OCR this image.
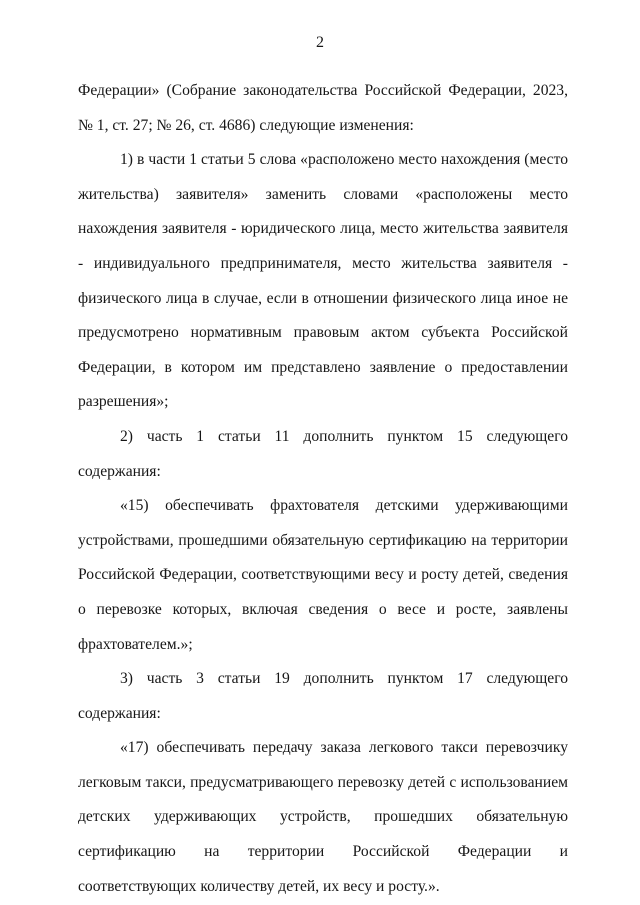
2

Федерации» (Собрание законодательства Российской Федерации, 2023, № 1, ст. 27; № 26, ст. 4686) следующие изменения:

1) в части 1 статьи 5 слова «расположено место нахождения (место жительства) заявителя» заменить словами «расположены место нахождения заявителя - юридического лица, место жительства заявителя - индивидуального предпринимателя, место жительства заявителя - физического лица в случае, если в отношении физического лица иное не предусмотрено нормативным правовым актом субъекта Российской Федерации, в котором им представлено заявление о предоставлении разрешения»;

2) часть 1 статьи 11 дополнить пунктом 15 следующего содержания:

«15) обеспечивать фрахтователя детскими удерживающими устройствами, прошедшими обязательную сертификацию на территории Российской Федерации, соответствующими весу и росту детей, сведения о перевозке которых, включая сведения о весе и росте, заявлены фрахтователем.»;

3) часть 3 статьи 19 дополнить пунктом 17 следующего содержания:

«17) обеспечивать передачу заказа легкового такси перевозчику легковым такси, предусматривающего перевозку детей с использованием детских удерживающих устройств, прошедших обязательную сертификацию на территории Российской Федерации и соответствующих количеству детей, их весу и росту.».
